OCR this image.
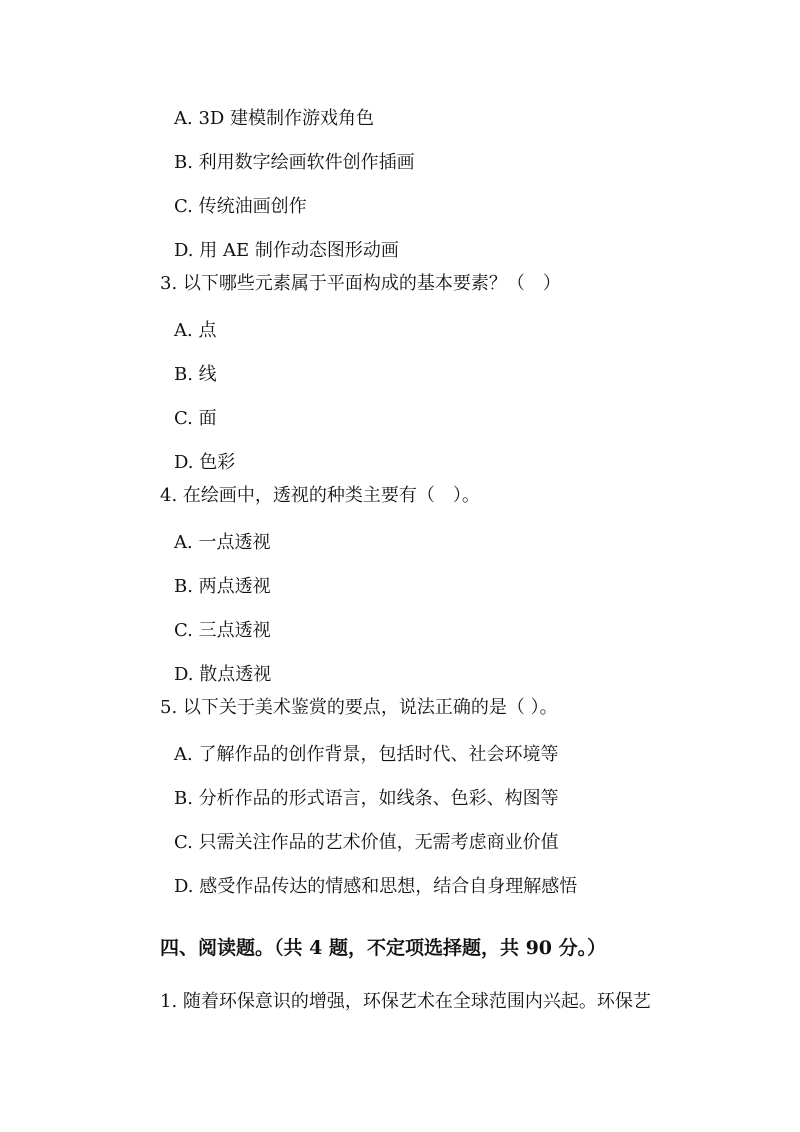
A. 3D 建模制作游戏角色
B. 利用数字绘画软件创作插画
C. 传统油画创作
D. 用 AE 制作动态图形动画
3. 以下哪些元素属于平面构成的基本要素？（　）
A. 点
B. 线
C. 面
D. 色彩
4. 在绘画中，透视的种类主要有（　）。
A. 一点透视
B. 两点透视
C. 三点透视
D. 散点透视
5. 以下关于美术鉴赏的要点，说法正确的是（ ）。
A. 了解作品的创作背景，包括时代、社会环境等
B. 分析作品的形式语言，如线条、色彩、构图等
C. 只需关注作品的艺术价值，无需考虑商业价值
D. 感受作品传达的情感和思想，结合自身理解感悟
四、阅读题。（共 4 题，不定项选择题，共 90 分。）
1. 随着环保意识的增强，环保艺术在全球范围内兴起。环保艺
